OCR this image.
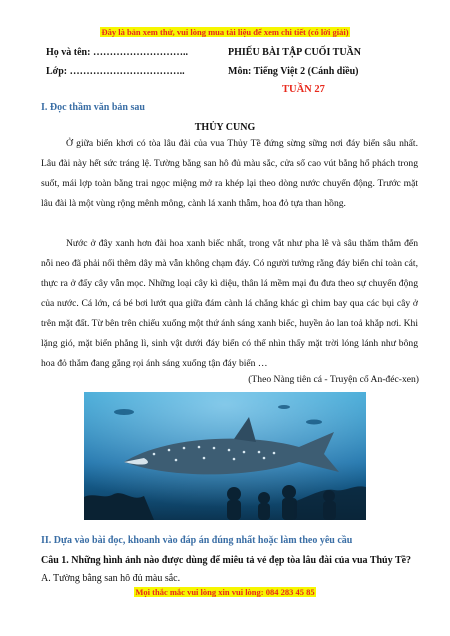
Đây là bản xem thử, vui lòng mua tài liệu để xem chi tiết (có lời giải)
Họ và tên: ………………………..	PHIẾU BÀI TẬP CUỐI TUẦN
Lớp: ……………………………..	Môn: Tiếng Việt 2 (Cánh diều)
TUẦN 27
I. Đọc thầm văn bản sau
THỦY CUNG

Ở giữa biển khơi có tòa lâu đài của vua Thủy Tề đứng sừng sững nơi đáy biển sâu nhất. Lâu đài này hết sức tráng lệ. Tường bằng san hô đủ màu sắc, cửa sổ cao vút bằng hổ phách trong suốt, mái lợp toàn bằng trai ngọc miệng mở ra khép lại theo dòng nước chuyển động. Trước mặt lâu đài là một vùng rộng mênh mông, cành lá xanh thẫm, hoa đỏ tựa than hồng.

Nước ở đây xanh hơn đài hoa xanh biếc nhất, trong vắt như pha lê và sâu thăm thẳm đến nỗi neo đã phải nối thêm dây mà vẫn không chạm đáy. Có người tưởng rằng đáy biển chỉ toàn cát, thực ra ở đấy cây vẫn mọc. Những loại cây kì diệu, thân lá mềm mại đu đưa theo sự chuyển động của nước. Cá lớn, cá bé bơi lướt qua giữa đám cành lá chẳng khác gì chim bay qua các bụi cây ở trên mặt đất. Từ bên trên chiếu xuống một thứ ánh sáng xanh biếc, huyền ảo lan toả khắp nơi. Khi lặng gió, mặt biển phẳng lì, sinh vật dưới đáy biển có thể nhìn thấy mặt trời lóng lánh như bông hoa đỏ thắm đang gắng rọi ánh sáng xuống tận đáy biển …

(Theo Nàng tiên cá - Truyện cổ An-đéc-xen)
II. Dựa vào bài đọc, khoanh vào đáp án đúng nhất hoặc làm theo yêu cầu
Câu 1. Những hình ảnh nào được dùng để miêu tả vẻ đẹp tòa lâu đài của vua Thủy Tề?
A. Tường bằng san hô đủ màu sắc.
Mọi thắc mắc vui lòng xin vui lòng: 084 283 45 85
